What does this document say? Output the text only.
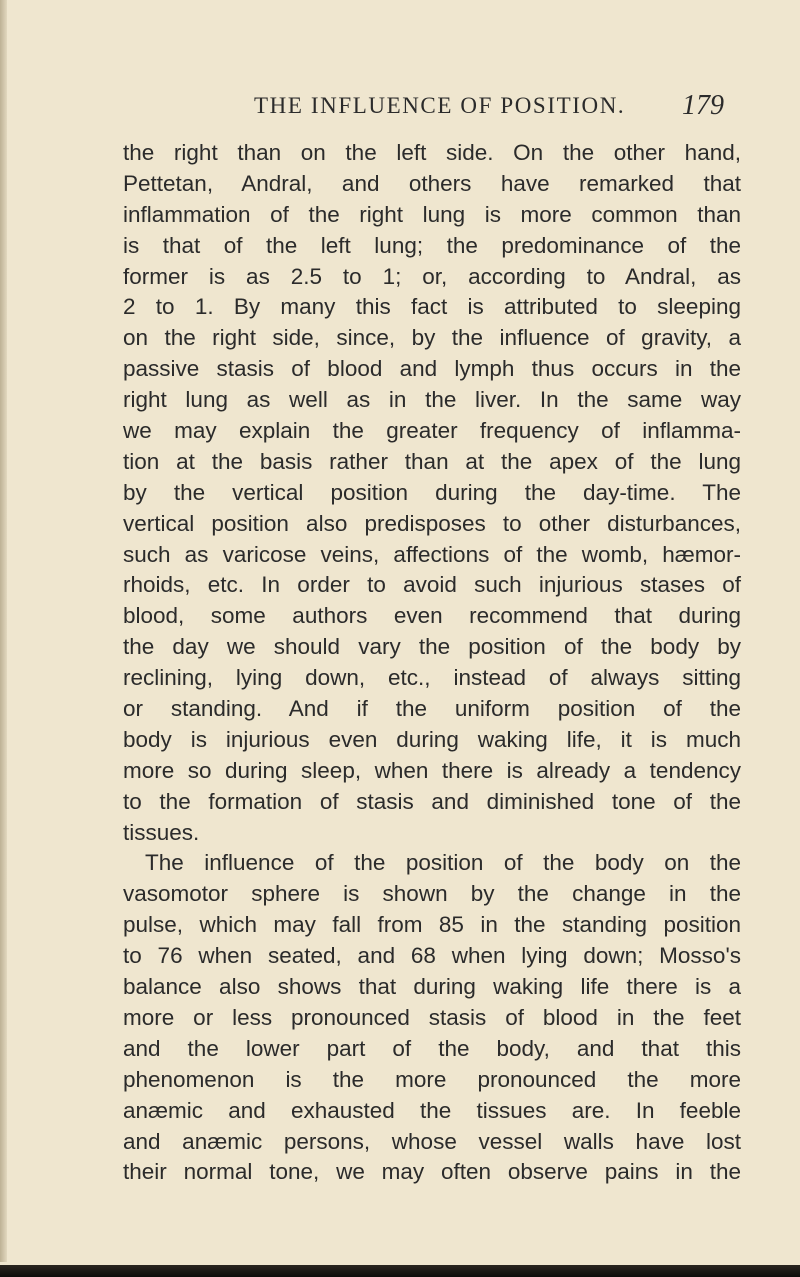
THE INFLUENCE OF POSITION. 179
the right than on the left side. On the other hand,
Pettetan, Andral, and others have remarked that
inflammation of the right lung is more common than
is that of the left lung; the predominance of the
former is as 2.5 to 1; or, according to Andral, as
2 to 1. By many this fact is attributed to sleeping
on the right side, since, by the influence of gravity, a
passive stasis of blood and lymph thus occurs in the
right lung as well as in the liver. In the same way
we may explain the greater frequency of inflamma-
tion at the basis rather than at the apex of the lung
by the vertical position during the day-time. The
vertical position also predisposes to other disturbances,
such as varicose veins, affections of the womb, hæmor-
rhoids, etc. In order to avoid such injurious stases of
blood, some authors even recommend that during
the day we should vary the position of the body by
reclining, lying down, etc., instead of always sitting
or standing. And if the uniform position of the
body is injurious even during waking life, it is much
more so during sleep, when there is already a tendency
to the formation of stasis and diminished tone of the
tissues.
The influence of the position of the body on the
vasomotor sphere is shown by the change in the
pulse, which may fall from 85 in the standing position
to 76 when seated, and 68 when lying down; Mosso's
balance also shows that during waking life there is a
more or less pronounced stasis of blood in the feet
and the lower part of the body, and that this
phenomenon is the more pronounced the more
anæmic and exhausted the tissues are. In feeble
and anæmic persons, whose vessel walls have lost
their normal tone, we may often observe pains in the
